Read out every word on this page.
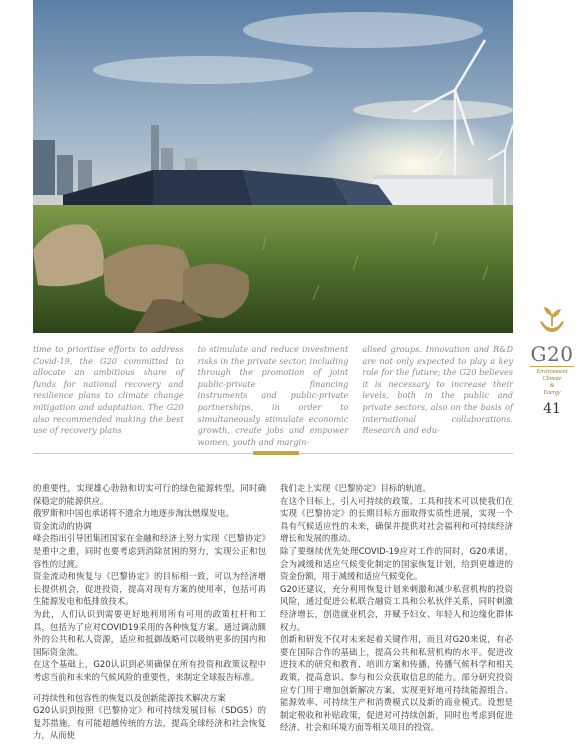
time to prioritise efforts to address Covid-19, the G20 committed to allocate an ambitious share of funds for national recovery and resilience plans to climate change mitigation and adaptation. The G20 also recommended making the best use of recovery plans

to stimulate and reduce investment risks in the private sector, including through the promotion of joint public-private financing instruments and public-private partnerships, in order to simultaneously stimulate economic growth, create jobs and empower women, youth and margin-

alised groups. Innovation and R&D are not only expected to play a key role for the future; the G20 believes it is necessary to increase their levels, both in the public and private sectors, also on the basis of international collaborations. Research and edu-

G20
Environment
Climate
&
Energy
41

的重要性，实现雄心勃勃和切实可行的绿色能源转型，同时确保稳定的能源供应。

俄罗斯和中国也承诺将不遗余力地逐步淘汰燃煤发电。

资金流动的协调

峰会指出引导团集团国家在金融和经济上努力实现《巴黎协定》是重中之重，同时也要考虑到消除贫困的努力，实现公正和包容性的过渡。

资金流动和恢复与《巴黎协定》的目标相一致，可以为经济增长提供机会，促进投资，提高对现有方案的使用率，包括可再生能源发电和低排放技术。

为此，人们认识到需要更好地利用所有可用的政策杠杆和工具，包括为了应对COVID19采用的各种恢复方案。通过调动额外的公共和私人资源，适应和抵御战略可以吸纳更多的国内和国际资金流。

在这个基础上，G20认识到必须确保在所有投资和政策议程中考虑当前和未来的气候风险的重要性，来制定全球报告标准。

可持续性和包容性的恢复以及创新能源技术解决方案

G20认识到按照《巴黎协定》和可持续发展目标（SDGS）的复苏措施，有可能超越传统的方法，提高全球经济和社会恢复力，从而使

我们走上实现《巴黎协定》目标的轨道。

在这个目标上，引入可持续的政策、工具和技术可以使我们在实现《巴黎协定》的长期目标方面取得实质性进展，实现一个具有气候适应性的未来，确保并提供对社会福利和可持续经济增长和发展的推动。

除了要继续优先处理COVID-19应对工作的同时，G20承诺，会为减缓和适应气候变化制定的国家恢复计划，给到更雄进的资金份额，用于减缓和适应气候变化。

G20还建议，充分利用恢复计划来刺激和减少私营机构的投资风险，通过促进公私联合融资工具和公私伙伴关系，同时刺激经济增长，创造就业机会，并赋予妇女、年轻人和边缘化群体权力。

创新和研发不仅对未来起着关键作用，而且对G20来说，有必要在国际合作的基础上，提高公共和私营机构的水平。促进改进技术的研究和教育、培训方案和传播，传播气候科学和相关政策，提高意识、参与和公众获取信息的能力。部分研究投资应专门用于增加创新解决方案，实现更好地可持续能源组合、能源效率、可持续生产和消费模式以及新的商业模式。设想是制定税收和补贴政策，促进对可持续创新，同时也考虑到促进经济、社会和环境方面等相关项目的投资。
